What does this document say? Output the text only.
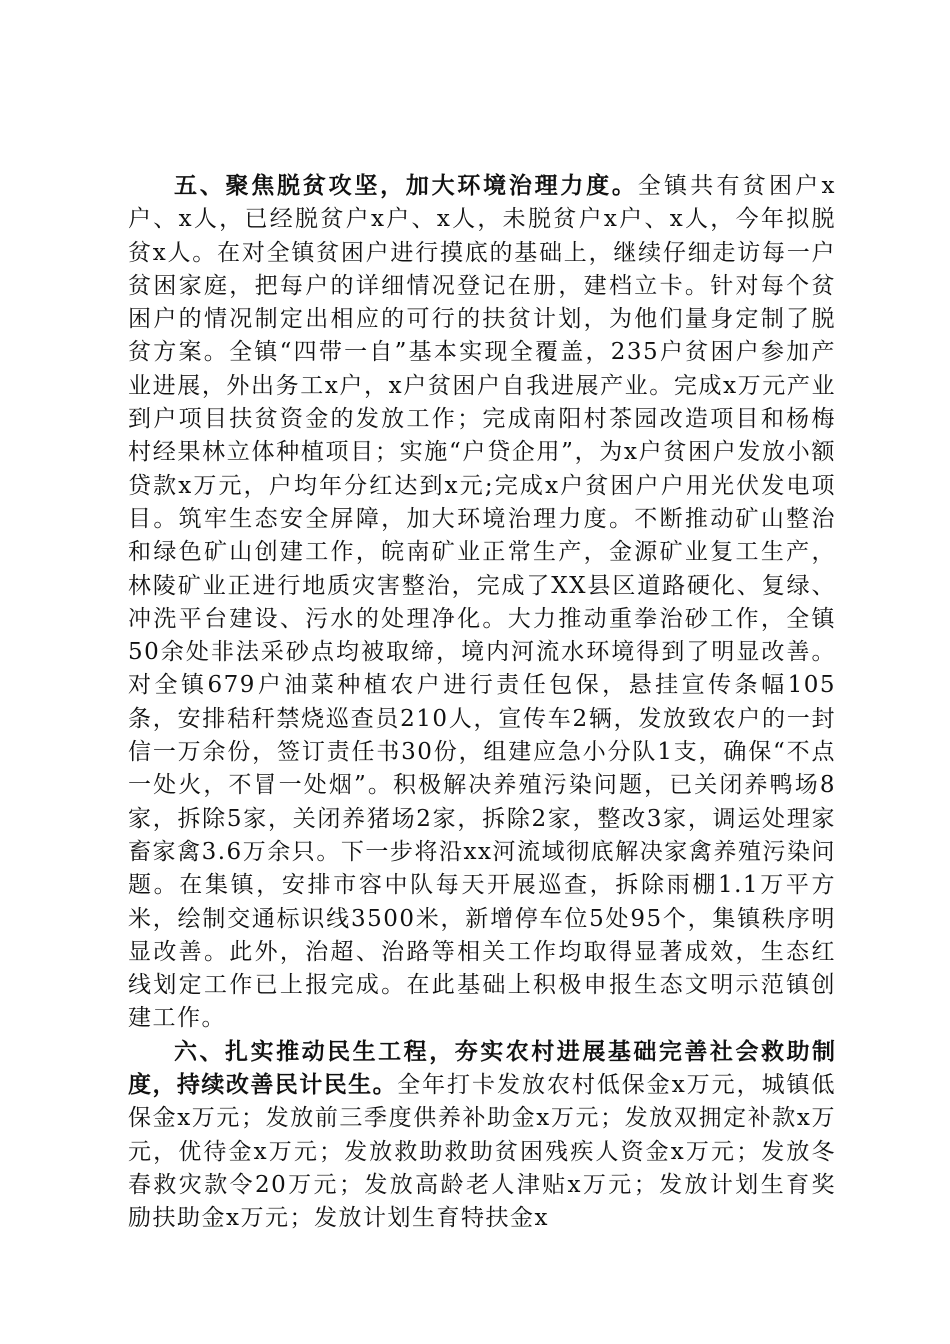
五、聚焦脱贫攻坚，加大环境治理力度。全镇共有贫困户x户、x人，已经脱贫户x户、x人，未脱贫户x户、x人，今年拟脱贫x人。在对全镇贫困户进行摸底的基础上，继续仔细走访每一户贫困家庭，把每户的详细情况登记在册，建档立卡。针对每个贫困户的情况制定出相应的可行的扶贫计划，为他们量身定制了脱贫方案。全镇“四带一自”基本实现全覆盖，235户贫困户参加产业进展，外出务工x户，x户贫困户自我进展产业。完成x万元产业到户项目扶贫资金的发放工作；完成南阳村茶园改造项目和杨梅村经果林立体种植项目；实施“户贷企用”，为x户贫困户发放小额贷款x万元，户均年分红达到x元;完成x户贫困户户用光伏发电项目。筑牢生态安全屏障，加大环境治理力度。不断推动矿山整治和绿色矿山创建工作，皖南矿业正常生产，金源矿业复工生产，林陵矿业正进行地质灾害整治，完成了XX县区道路硬化、复绿、冲洗平台建设、污水的处理净化。大力推动重拳治砂工作，全镇50余处非法采砂点均被取缔，境内河流水环境得到了明显改善。对全镇679户油菜种植农户进行责任包保，悬挂宣传条幅105条，安排秸秆禁烧巡查员210人，宣传车2辆，发放致农户的一封信一万余份，签订责任书30份，组建应急小分队1支，确保“不点一处火，不冒一处烟”。积极解决养殖污染问题，已关闭养鸭场8家，拆除5家，关闭养猪场2家，拆除2家，整改3家，调运处理家畜家禽3.6万余只。下一步将沿xx河流域彻底解决家禽养殖污染问题。在集镇，安排市容中队每天开展巡查，拆除雨棚1.1万平方米，绘制交通标识线3500米，新增停车位5处95个，集镇秩序明显改善。此外，治超、治路等相关工作均取得显著成效，生态红线划定工作已上报完成。在此基础上积极申报生态文明示范镇创建工作。

六、扎实推动民生工程，夯实农村进展基础完善社会救助制度，持续改善民计民生。全年打卡发放农村低保金x万元，城镇低保金x万元；发放前三季度供养补助金x万元；发放双拥定补款x万元，优待金x万元；发放救助救助贫困残疾人资金x万元；发放冬春救灾款令20万元；发放高龄老人津贴x万元；发放计划生育奖励扶助金x万元；发放计划生育特扶金x
